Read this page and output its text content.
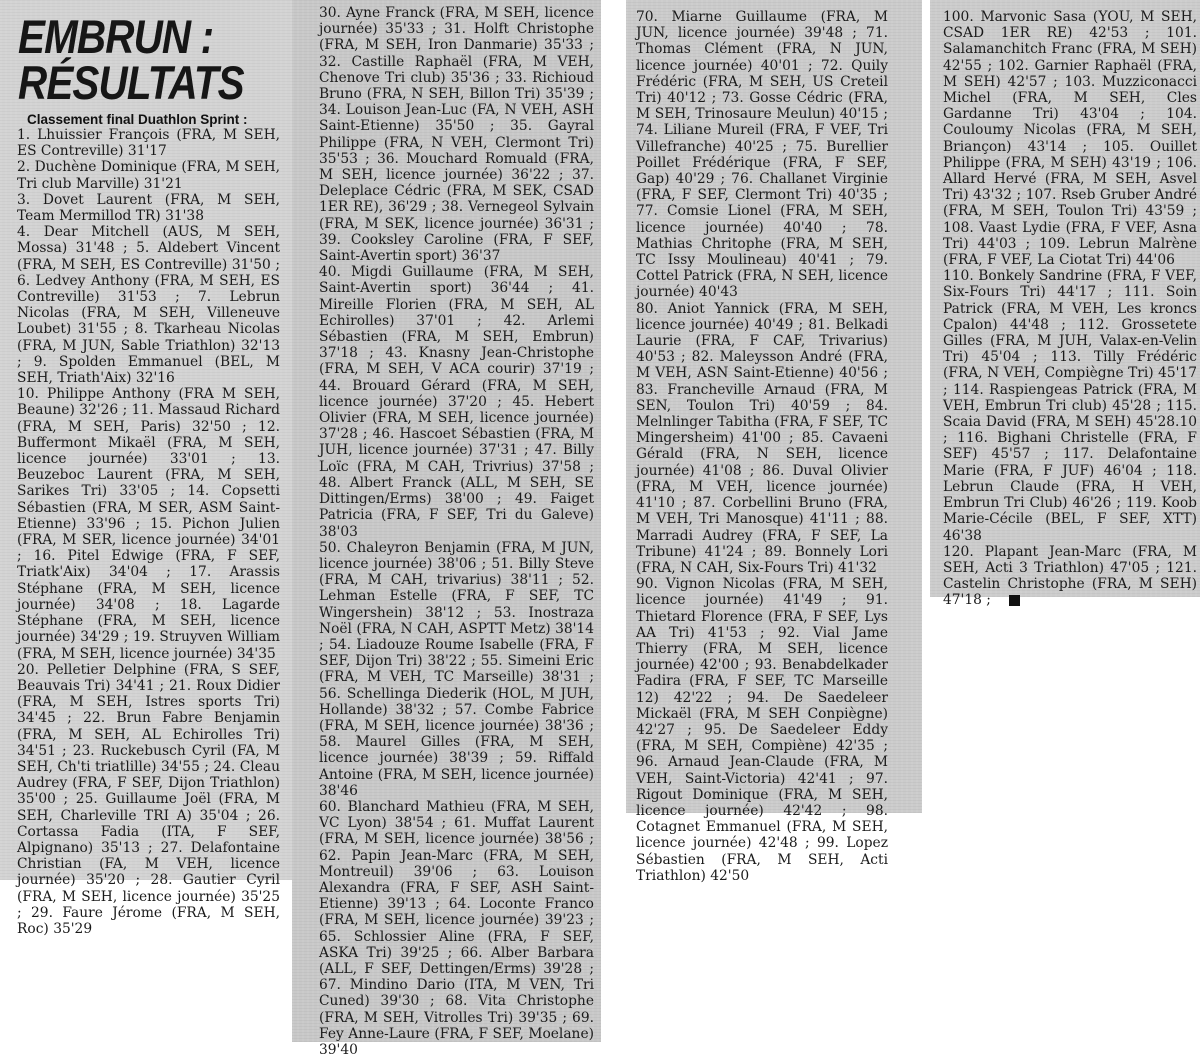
EMBRUN :
RÉSULTATS
Classement final Duathlon Sprint :

1. Lhuissier François (FRA, M SEH, ES Contreville) 31'17

2. Duchène Dominique (FRA, M SEH, Tri club Marville) 31'21

3. Dovet Laurent (FRA, M SEH, Team Mermillod TR) 31'38

4. Dear Mitchell (AUS, M SEH, Mossa) 31'48 ; 5. Aldebert Vincent (FRA, M SEH, ES Contreville) 31'50 ; 6. Ledvey Anthony (FRA, M SEH, ES Contreville) 31'53 ; 7. Lebrun Nicolas (FRA, M SEH, Villeneuve Loubet) 31'55 ; 8. Tkarheau Nicolas (FRA, M JUN, Sable Triathlon) 32'13 ; 9. Spolden Emmanuel (BEL, M SEH, Triath'Aix) 32'16

10. Philippe Anthony (FRA M SEH, Beaune) 32'26 ; 11. Massaud Richard (FRA, M SEH, Paris) 32'50 ; 12. Buffermont Mikaël (FRA, M SEH, licence journée) 33'01 ; 13. Beuzeboc Laurent (FRA, M SEH, Sarikes Tri) 33'05 ; 14. Copsetti Sébastien (FRA, M SER, ASM Saint-Etienne) 33'96 ; 15. Pichon Julien (FRA, M SER, licence journée) 34'01 ; 16. Pitel Edwige (FRA, F SEF, Triatk'Aix) 34'04 ; 17. Arassis Stéphane (FRA, M SEH, licence journée) 34'08 ; 18. Lagarde Stéphane (FRA, M SEH, licence journée) 34'29 ; 19. Struyven William (FRA, M SEH, licence journée) 34'35

20. Pelletier Delphine (FRA, S SEF, Beauvais Tri) 34'41 ; 21. Roux Didier (FRA, M SEH, Istres sports Tri) 34'45 ; 22. Brun Fabre Benjamin (FRA, M SEH, AL Echirolles Tri) 34'51 ; 23. Ruckebusch Cyril (FA, M SEH, Ch'ti triatlille) 34'55 ; 24. Cleau Audrey (FRA, F SEF, Dijon Triathlon) 35'00 ; 25. Guillaume Joël (FRA, M SEH, Charleville TRI A) 35'04 ; 26. Cortassa Fadia (ITA, F SEF, Alpignano) 35'13 ; 27. Delafontaine Christian (FA, M VEH, licence journée) 35'20 ; 28. Gautier Cyril (FRA, M SEH, licence journée) 35'25 ; 29. Faure Jérome (FRA, M SEH, Roc) 35'29

30. Ayne Franck (FRA, M SEH, licence journée) 35'33 ; 31. Holft Christophe (FRA, M SEH, Iron Danmarie) 35'33 ; 32. Castille Raphaël (FRA, M VEH, Chenove Tri club) 35'36 ; 33. Richioud Bruno (FRA, N SEH, Billon Tri) 35'39 ; 34. Louison Jean-Luc (FA, N VEH, ASH Saint-Etienne) 35'50 ; 35. Gayral Philippe (FRA, N VEH, Clermont Tri) 35'53 ; 36. Mouchard Romuald (FRA, M SEH, licence journée) 36'22 ; 37. Deleplace Cédric (FRA, M SEK, CSAD 1ER RE), 36'29 ; 38. Vernegeol Sylvain (FRA, M SEK, licence journée) 36'31 ; 39. Cooksley Caroline (FRA, F SEF, Saint-Avertin sport) 36'37

40. Migdi Guillaume (FRA, M SEH, Saint-Avertin sport) 36'44 ; 41. Mireille Florien (FRA, M SEH, AL Echirolles) 37'01 ; 42. Arlemi Sébastien (FRA, M SEH, Embrun) 37'18 ; 43. Knasny Jean-Christophe (FRA, M SEH, V ACA courir) 37'19 ; 44. Brouard Gérard (FRA, M SEH, licence journée) 37'20 ; 45. Hebert Olivier (FRA, M SEH, licence journée) 37'28 ; 46. Hascoet Sébastien (FRA, M JUH, licence journée) 37'31 ; 47. Billy Loïc (FRA, M CAH, Trivrius) 37'58 ; 48. Albert Franck (ALL, M SEH, SE Dittingen/Erms) 38'00 ; 49. Faiget Patricia (FRA, F SEF, Tri du Galeve) 38'03

50. Chaleyron Benjamin (FRA, M JUN, licence journée) 38'06 ; 51. Billy Steve (FRA, M CAH, trivarius) 38'11 ; 52. Lehman Estelle (FRA, F SEF, TC Wingershein) 38'12 ; 53. Inostraza Noël (FRA, N CAH, ASPTT Metz) 38'14 ; 54. Liadouze Roume Isabelle (FRA, F SEF, Dijon Tri) 38'22 ; 55. Simeini Eric (FRA, M VEH, TC Marseille) 38'31 ; 56. Schellinga Diederik (HOL, M JUH, Hollande) 38'32 ; 57. Combe Fabrice (FRA, M SEH, licence journée) 38'36 ; 58. Maurel Gilles (FRA, M SEH, licence journée) 38'39 ; 59. Riffald Antoine (FRA, M SEH, licence journée) 38'46

60. Blanchard Mathieu (FRA, M SEH, VC Lyon) 38'54 ; 61. Muffat Laurent (FRA, M SEH, licence journée) 38'56 ; 62. Papin Jean-Marc (FRA, M SEH, Montreuil) 39'06 ; 63. Louison Alexandra (FRA, F SEF, ASH Saint-Etienne) 39'13 ; 64. Loconte Franco (FRA, M SEH, licence journée) 39'23 ; 65. Schlossier Aline (FRA, F SEF, ASKA Tri) 39'25 ; 66. Alber Barbara (ALL, F SEF, Dettingen/Erms) 39'28 ; 67. Mindino Dario (ITA, M VEN, Tri Cuned) 39'30 ; 68. Vita Christophe (FRA, M SEH, Vitrolles Tri) 39'35 ; 69. Fey Anne-Laure (FRA, F SEF, Moelane) 39'40

70. Miarne Guillaume (FRA, M JUN, licence journée) 39'48 ; 71. Thomas Clément (FRA, N JUN, licence journée) 40'01 ; 72. Quily Frédéric (FRA, M SEH, US Creteil Tri) 40'12 ; 73. Gosse Cédric (FRA, M SEH, Trinosaure Meulun) 40'15 ; 74. Liliane Mureil (FRA, F VEF, Tri Villefranche) 40'25 ; 75. Burellier Poillet Frédérique (FRA, F SEF, Gap) 40'29 ; 76. Challanet Virginie (FRA, F SEF, Clermont Tri) 40'35 ; 77. Comsie Lionel (FRA, M SEH, licence journée) 40'40 ; 78. Mathias Chritophe (FRA, M SEH, TC Issy Moulineau) 40'41 ; 79. Cottel Patrick (FRA, N SEH, licence journée) 40'43

80. Aniot Yannick (FRA, M SEH, licence journée) 40'49 ; 81. Belkadi Laurie (FRA, F CAF, Trivarius) 40'53 ; 82. Maleysson André (FRA, M VEH, ASN Saint-Etienne) 40'56 ; 83. Francheville Arnaud (FRA, M SEN, Toulon Tri) 40'59 ; 84. Melnlinger Tabitha (FRA, F SEF, TC Mingersheim) 41'00 ; 85. Cavaeni Gérald (FRA, N SEH, licence journée) 41'08 ; 86. Duval Olivier (FRA, M VEH, licence journée) 41'10 ; 87. Corbellini Bruno (FRA, M VEH, Tri Manosque) 41'11 ; 88. Marradi Audrey (FRA, F SEF, La Tribune) 41'24 ; 89. Bonnely Lori (FRA, N CAH, Six-Fours Tri) 41'32

90. Vignon Nicolas (FRA, M SEH, licence journée) 41'49 ; 91. Thietard Florence (FRA, F SEF, Lys AA Tri) 41'53 ; 92. Vial Jame Thierry (FRA, M SEH, licence journée) 42'00 ; 93. Benabdelkader Fadira (FRA, F SEF, TC Marseille 12) 42'22 ; 94. De Saedeleer Mickaël (FRA, M SEH Conpiègne) 42'27 ; 95. De Saedeleer Eddy (FRA, M SEH, Compiène) 42'35 ; 96. Arnaud Jean-Claude (FRA, M VEH, Saint-Victoria) 42'41 ; 97. Rigout Dominique (FRA, M SEH, licence journée) 42'42 ; 98. Cotagnet Emmanuel (FRA, M SEH, licence journée) 42'48 ; 99. Lopez Sébastien (FRA, M SEH, Acti Triathlon) 42'50

100. Marvonic Sasa (YOU, M SEH, CSAD 1ER RE) 42'53 ; 101. Salamanchitch Franc (FRA, M SEH) 42'55 ; 102. Garnier Raphaël (FRA, M SEH) 42'57 ; 103. Muzziconacci Michel (FRA, M SEH, Cles Gardanne Tri) 43'04 ; 104. Couloumy Nicolas (FRA, M SEH, Briançon) 43'14 ; 105. Ouillet Philippe (FRA, M SEH) 43'19 ; 106. Allard Hervé (FRA, M SEH, Asvel Tri) 43'32 ; 107. Rseb Gruber André (FRA, M SEH, Toulon Tri) 43'59 ; 108. Vaast Lydie (FRA, F VEF, Asna Tri) 44'03 ; 109. Lebrun Malrène (FRA, F VEF, La Ciotat Tri) 44'06

110. Bonkely Sandrine (FRA, F VEF, Six-Fours Tri) 44'17 ; 111. Soin Patrick (FRA, M VEH, Les kroncs Cpalon) 44'48 ; 112. Grossetete Gilles (FRA, M JUH, Valax-en-Velin Tri) 45'04 ; 113. Tilly Frédéric (FRA, N VEH, Compiègne Tri) 45'17 ; 114. Raspiengeas Patrick (FRA, M VEH, Embrun Tri club) 45'28 ; 115. Scaia David (FRA, M SEH) 45'28.10 ; 116. Bighani Christelle (FRA, F SEF) 45'57 ; 117. Delafontaine Marie (FRA, F JUF) 46'04 ; 118. Lebrun Claude (FRA, H VEH, Embrun Tri Club) 46'26 ; 119. Koob Marie-Cécile (BEL, F SEF, XTT) 46'38

120. Plapant Jean-Marc (FRA, M SEH, Acti 3 Triathlon) 47'05 ; 121. Castelin Christophe (FRA, M SEH) 47'18 ;
